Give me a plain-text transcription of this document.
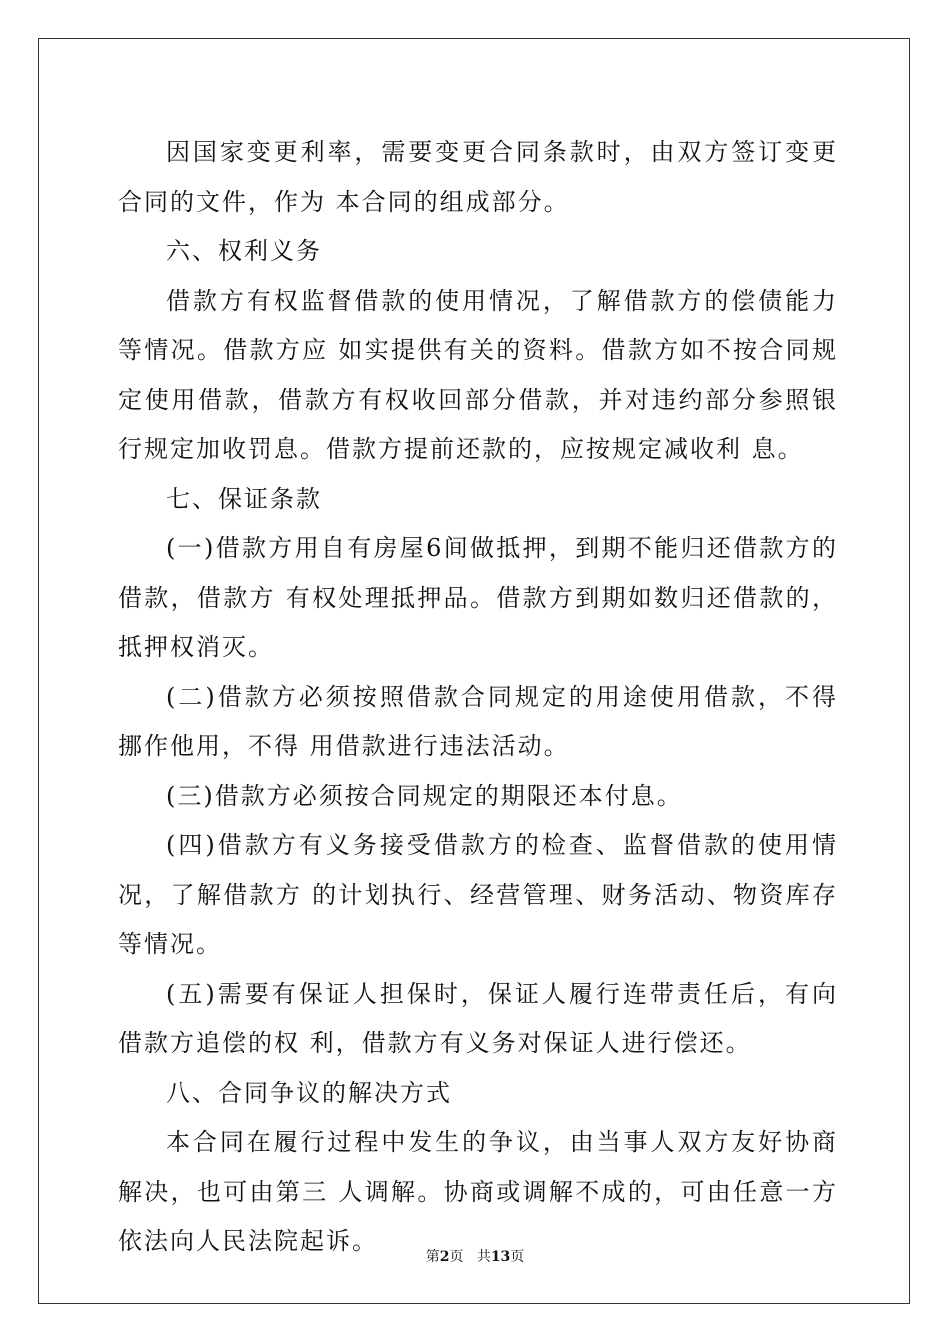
因国家变更利率，需要变更合同条款时，由双方签订变更合同的文件，作为 本合同的组成部分。

六、权利义务

借款方有权监督借款的使用情况，了解借款方的偿债能力等情况。借款方应 如实提供有关的资料。借款方如不按合同规定使用借款，借款方有权收回部分借款，并对违约部分参照银行规定加收罚息。借款方提前还款的，应按规定减收利 息。

七、保证条款

(一)借款方用自有房屋6间做抵押，到期不能归还借款方的借款，借款方 有权处理抵押品。借款方到期如数归还借款的，抵押权消灭。

(二)借款方必须按照借款合同规定的用途使用借款，不得挪作他用，不得 用借款进行违法活动。

(三)借款方必须按合同规定的期限还本付息。

(四)借款方有义务接受借款方的检查、监督借款的使用情况，了解借款方 的计划执行、经营管理、财务活动、物资库存等情况。

(五)需要有保证人担保时，保证人履行连带责任后，有向借款方追偿的权 利，借款方有义务对保证人进行偿还。

八、合同争议的解决方式

本合同在履行过程中发生的争议，由当事人双方友好协商解决，也可由第三 人调解。协商或调解不成的，可由任意一方依法向人民法院起诉。

第2页 共13页
